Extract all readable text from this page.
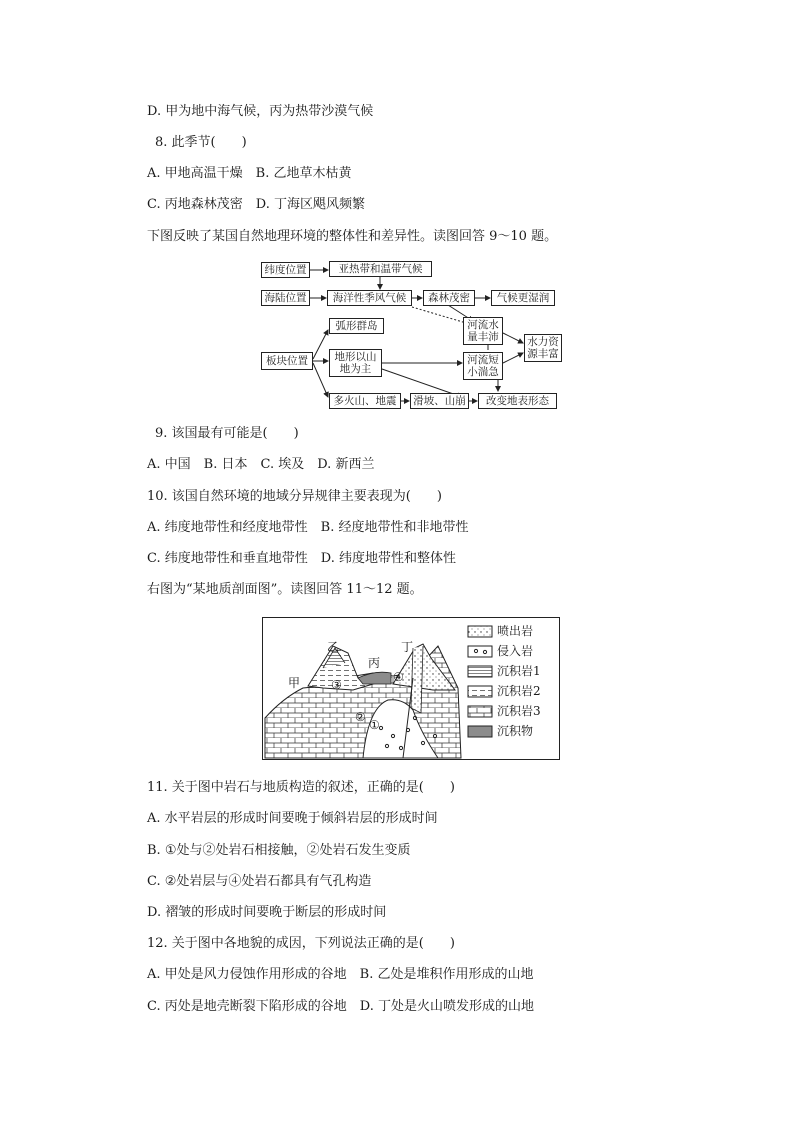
D. 甲为地中海气候，丙为热带沙漠气候
8. 此季节(　　)
A. 甲地高温干燥　B. 乙地草木枯黄
C. 丙地森林茂密　D. 丁海区飓风频繁
下图反映了某国自然地理环境的整体性和差异性。读图回答 9～10 题。
纬度位置	亚热带和温带气候
海陆位置	海洋性季风气候	森林茂密	气候更湿润
河流水量丰沛
弧形群岛
板块位置	地形以山地为主
水力资源丰富
河流短小湍急
多火山、地震	滑坡、山崩	改变地表形态
9. 该国最有可能是(　　)
A. 中国　B. 日本　C. 埃及　D. 新西兰
10. 该国自然环境的地域分异规律主要表现为(　　)
A. 纬度地带性和经度地带性　B. 经度地带性和非地带性
C. 纬度地带性和垂直地带性　D. 纬度地带性和整体性
右图为“某地质剖面图”。读图回答 11～12 题。
甲
乙
丙
丁
③
④
②
①
喷出岩
侵入岩
沉积岩1
沉积岩2
沉积岩3
沉积物
11. 关于图中岩石与地质构造的叙述，正确的是(　　)
A. 水平岩层的形成时间要晚于倾斜岩层的形成时间
B. ①处与②处岩石相接触，②处岩石发生变质
C. ②处岩层与④处岩石都具有气孔构造
D. 褶皱的形成时间要晚于断层的形成时间
12. 关于图中各地貌的成因，下列说法正确的是(　　)
A. 甲处是风力侵蚀作用形成的谷地　B. 乙处是堆积作用形成的山地
C. 丙处是地壳断裂下陷形成的谷地　D. 丁处是火山喷发形成的山地
